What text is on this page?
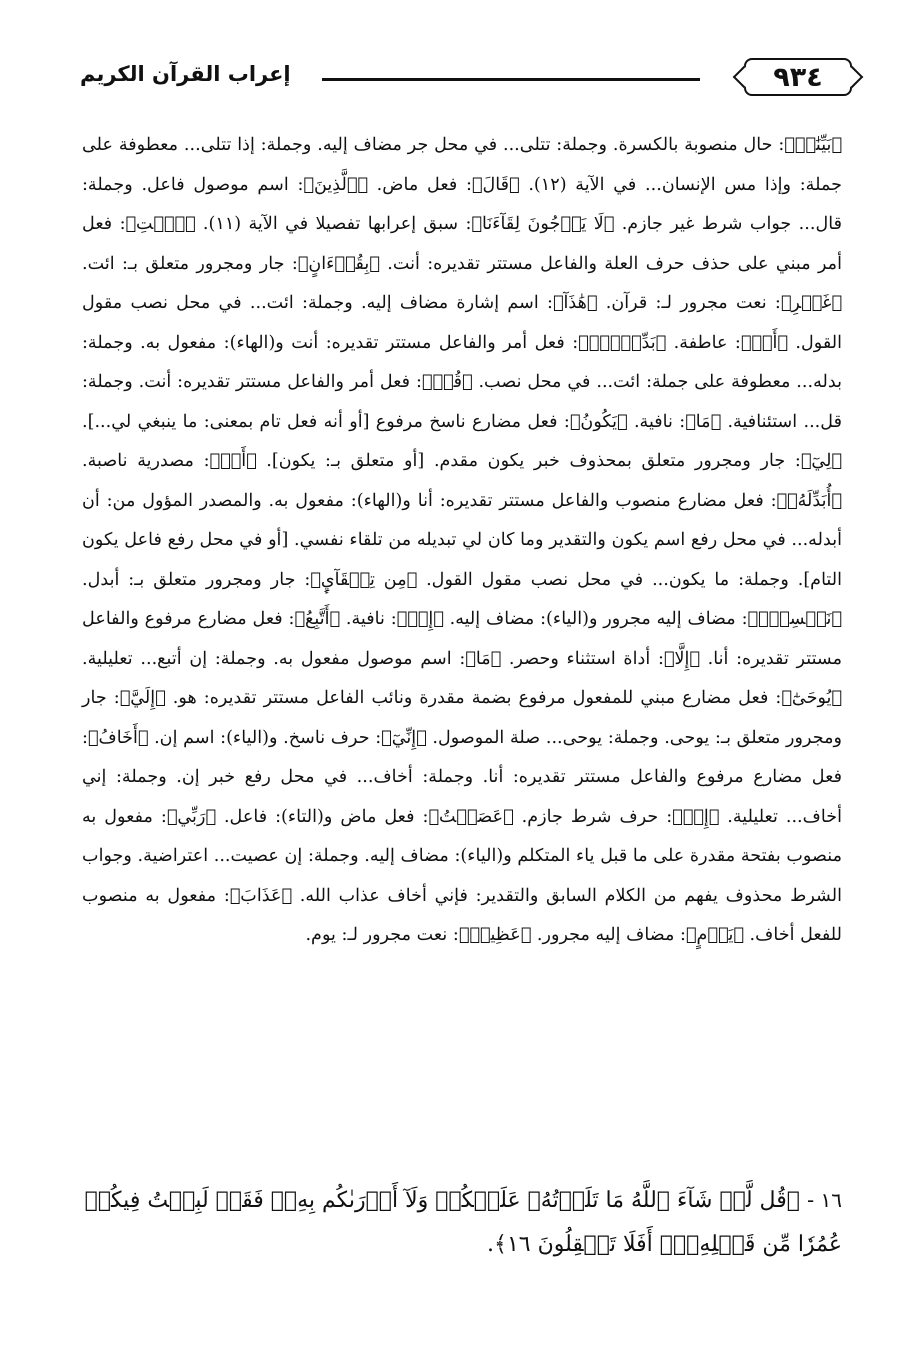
٩٣٤
إعراب القرآن الكريم

﴿بَيِّنَٰتٖ﴾: حال منصوبة بالكسرة. وجملة: تتلى... في محل جر مضاف إليه. وجملة: إذا تتلى... معطوفة على جملة: وإذا مس الإنسان... في الآية (١٢). ﴿قَالَ﴾: فعل ماض. ﴿ٱلَّذِينَ﴾: اسم موصول فاعل. وجملة: قال... جواب شرط غير جازم. ﴿لَا يَرۡجُونَ لِقَآءَنَا﴾: سبق إعرابها تفصيلا في الآية (١١). ﴿ٱئۡتِ﴾: فعل أمر مبني على حذف حرف العلة والفاعل مستتر تقديره: أنت. ﴿بِقُرۡءَانٍ﴾: جار ومجرور متعلق بـ: ائت. ﴿غَيۡرِ﴾: نعت مجرور لـ: قرآن. ﴿هَٰذَآ﴾: اسم إشارة مضاف إليه. وجملة: ائت... في محل نصب مقول القول. ﴿أَوۡ﴾: عاطفة. ﴿بَدِّلۡهُۚ﴾: فعل أمر والفاعل مستتر تقديره: أنت و(الهاء): مفعول به. وجملة: بدله... معطوفة على جملة: ائت... في محل نصب. ﴿قُلۡ﴾: فعل أمر والفاعل مستتر تقديره: أنت. وجملة: قل... استئنافية. ﴿مَا﴾: نافية. ﴿يَكُونُ﴾: فعل مضارع ناسخ مرفوع [أو أنه فعل تام بمعنى: ما ينبغي لي...]. ﴿لِيٓ﴾: جار ومجرور متعلق بمحذوف خبر يكون مقدم. [أو متعلق بـ: يكون]. ﴿أَنۡ﴾: مصدرية ناصبة. ﴿أُبَدِّلَهُۥ﴾: فعل مضارع منصوب والفاعل مستتر تقديره: أنا و(الهاء): مفعول به. والمصدر المؤول من: أن أبدله... في محل رفع اسم يكون والتقدير وما كان لي تبديله من تلقاء نفسي. [أو في محل رفع فاعل يكون التام]. وجملة: ما يكون... في محل نصب مقول القول. ﴿مِن تِلۡقَآيِٕ﴾: جار ومجرور متعلق بـ: أبدل. ﴿نَفۡسِيٓۖ﴾: مضاف إليه مجرور و(الياء): مضاف إليه. ﴿إِنۡ﴾: نافية. ﴿أَتَّبِعُ﴾: فعل مضارع مرفوع والفاعل مستتر تقديره: أنا. ﴿إِلَّا﴾: أداة استثناء وحصر. ﴿مَا﴾: اسم موصول مفعول به. وجملة: إن أتبع... تعليلية. ﴿يُوحَىٰٓ﴾: فعل مضارع مبني للمفعول مرفوع بضمة مقدرة ونائب الفاعل مستتر تقديره: هو. ﴿إِلَيَّ﴾: جار ومجرور متعلق بـ: يوحى. وجملة: يوحى... صلة الموصول. ﴿إِنِّيٓ﴾: حرف ناسخ. و(الياء): اسم إن. ﴿أَخَافُ﴾: فعل مضارع مرفوع والفاعل مستتر تقديره: أنا. وجملة: أخاف... في محل رفع خبر إن. وجملة: إني أخاف... تعليلية. ﴿إِنۡ﴾: حرف شرط جازم. ﴿عَصَيۡتُ﴾: فعل ماض و(التاء): فاعل. ﴿رَبِّي﴾: مفعول به منصوب بفتحة مقدرة على ما قبل ياء المتكلم و(الياء): مضاف إليه. وجملة: إن عصيت... اعتراضية. وجواب الشرط محذوف يفهم من الكلام السابق والتقدير: فإني أخاف عذاب الله. ﴿عَذَابَ﴾: مفعول به منصوب للفعل أخاف. ﴿يَوۡمٍ﴾: مضاف إليه مجرور. ﴿عَظِيمٖ﴾: نعت مجرور لـ: يوم.

١٦ - ﴿قُل لَّوۡ شَآءَ ٱللَّهُ مَا تَلَوۡتُهُۥ عَلَيۡكُمۡ وَلَآ أَدۡرَىٰكُم بِهِۦۖ فَقَدۡ لَبِثۡتُ فِيكُمۡ عُمُرٗا مِّن قَبۡلِهِۦٓۚ أَفَلَا تَعۡقِلُونَ ١٦﴾.
